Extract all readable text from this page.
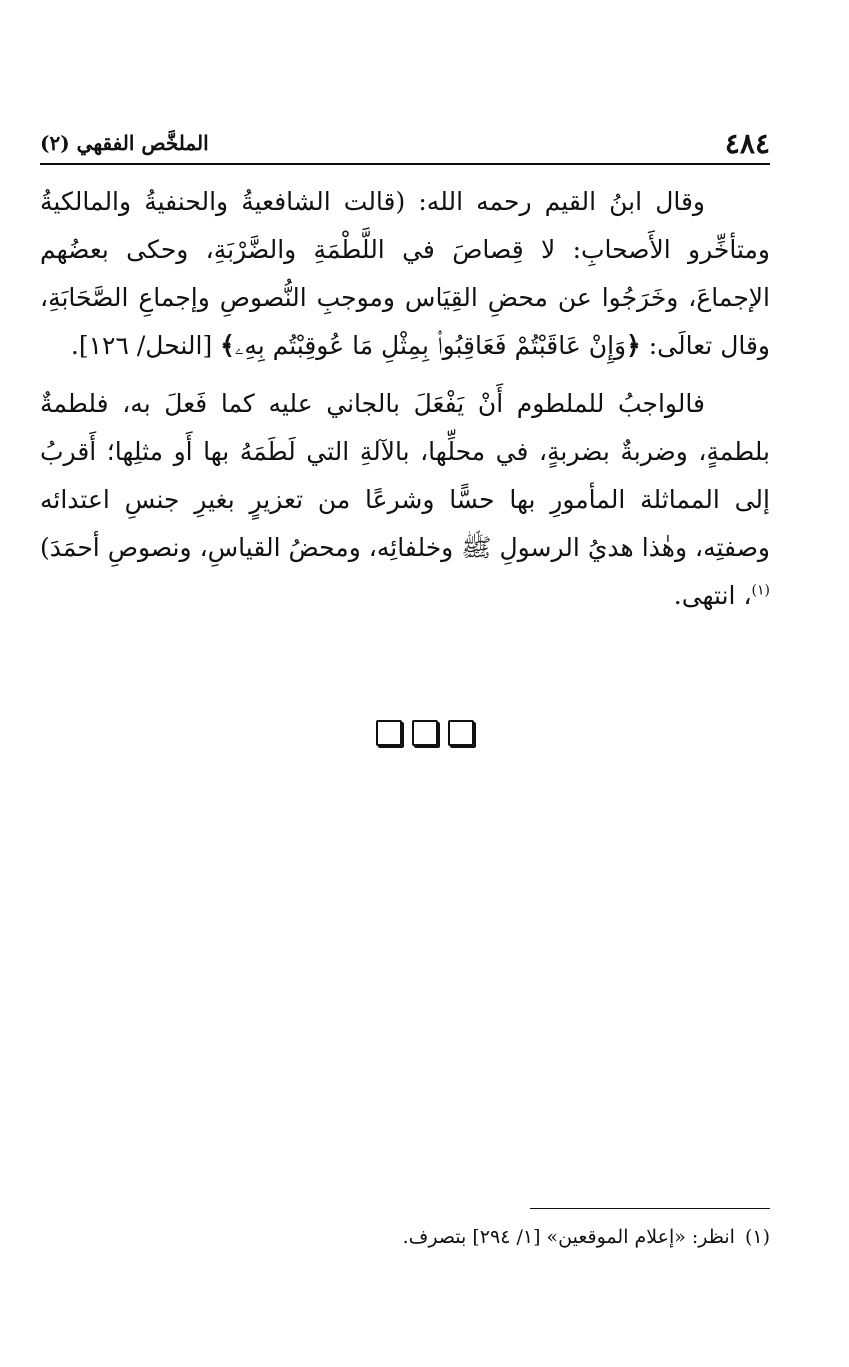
٤٨٤
الملخَّص الفقهي (٢)

وقال ابنُ القيم رحمه الله: (قالت الشافعيةُ والحنفيةُ والمالكيةُ ومتأخِّرو الأَصحابِ: لا قِصاصَ في اللَّطْمَةِ والضَّرْبَةِ، وحكى بعضُهم الإجماعَ، وخَرَجُوا عن محضِ القِيَاس وموجبِ النُّصوصِ وإجماعِ الصَّحَابَةِ، وقال تعالَى: ﴿وَإِنْ عَاقَبْتُمْ فَعَاقِبُوا۟ بِمِثْلِ مَا عُوقِبْتُم بِهِۦ﴾ [النحل/ ١٢٦].

فالواجبُ للملطوم أَنْ يَفْعَلَ بالجاني عليه كما فَعلَ به، فلطمةٌ بلطمةٍ، وضربةٌ بضربةٍ، في محلِّها، بالآلةِ التي لَطَمَهُ بها أَو مثلِها؛ أَقربُ إلى المماثلة المأمورِ بها حسًّا وشرعًا من تعزيرٍ بغيرِ جنسِ اعتدائه وصفتِه، وهٰذا هديُ الرسولِ ﷺ وخلفائِه، ومحضُ القياسِ، ونصوصِ أحمَدَ)$^{(١)}$، انتهى.

(١)انظر: «إعلام الموقعين» [١/ ٢٩٤] بتصرف.
